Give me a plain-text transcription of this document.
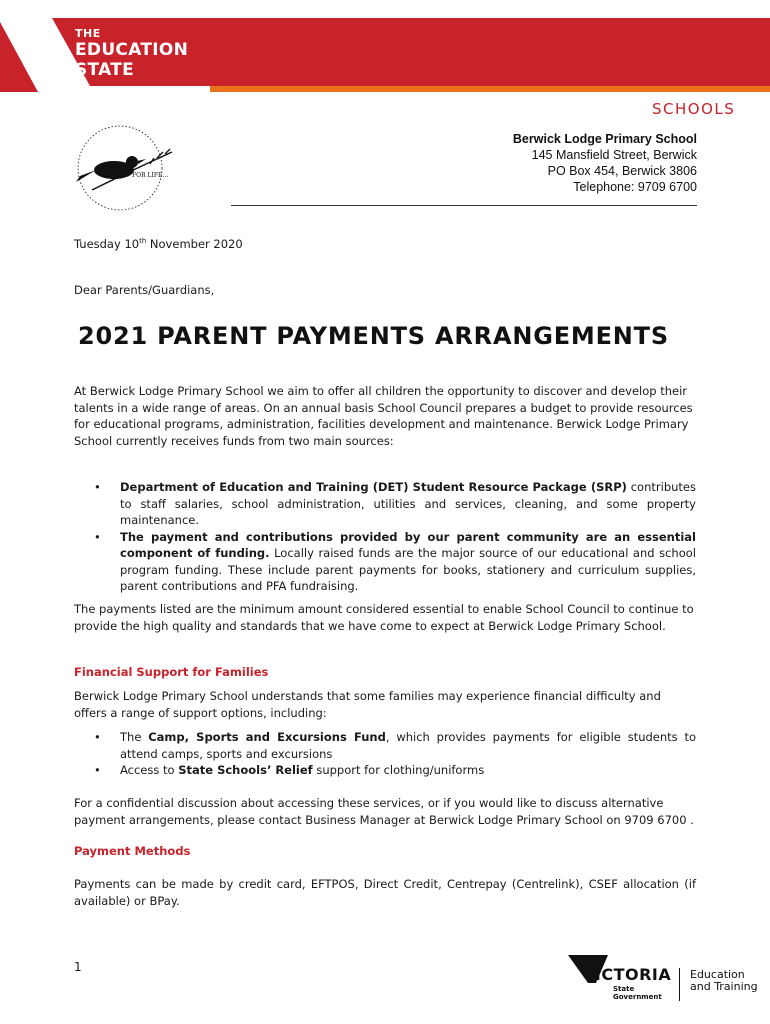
THE
EDUCATION
STATE
SCHOOLS
FOR LIFE...
Berwick Lodge Primary School
145 Mansfield Street, Berwick
PO Box 454, Berwick 3806
Telephone: 9709 6700
Tuesday 10th November 2020
Dear Parents/Guardians,
2021 PARENT PAYMENTS ARRANGEMENTS
At Berwick Lodge Primary School we aim to offer all children the opportunity to discover and develop their talents in a wide range of areas. On an annual basis School Council prepares a budget to provide resources for educational programs, administration, facilities development and maintenance. Berwick Lodge Primary School currently receives funds from two main sources:
• Department of Education and Training (DET) Student Resource Package (SRP) contributes to staff salaries, school administration, utilities and services, cleaning, and some property maintenance.
• The payment and contributions provided by our parent community are an essential component of funding. Locally raised funds are the major source of our educational and school program funding. These include parent payments for books, stationery and curriculum supplies, parent contributions and PFA fundraising.
The payments listed are the minimum amount considered essential to enable School Council to continue to provide the high quality and standards that we have come to expect at Berwick Lodge Primary School.
Financial Support for Families
Berwick Lodge Primary School understands that some families may experience financial difficulty and offers a range of support options, including:
• The Camp, Sports and Excursions Fund, which provides payments for eligible students to attend camps, sports and excursions
• Access to State Schools’ Relief support for clothing/uniforms
For a confidential discussion about accessing these services, or if you would like to discuss alternative payment arrangements, please contact Business Manager at Berwick Lodge Primary School on 9709 6700 .
Payment Methods
Payments can be made by credit card, EFTPOS, Direct Credit, Centrepay (Centrelink), CSEF allocation (if available) or BPay.
1	VICTORIA
State
Government
Education
and Training
